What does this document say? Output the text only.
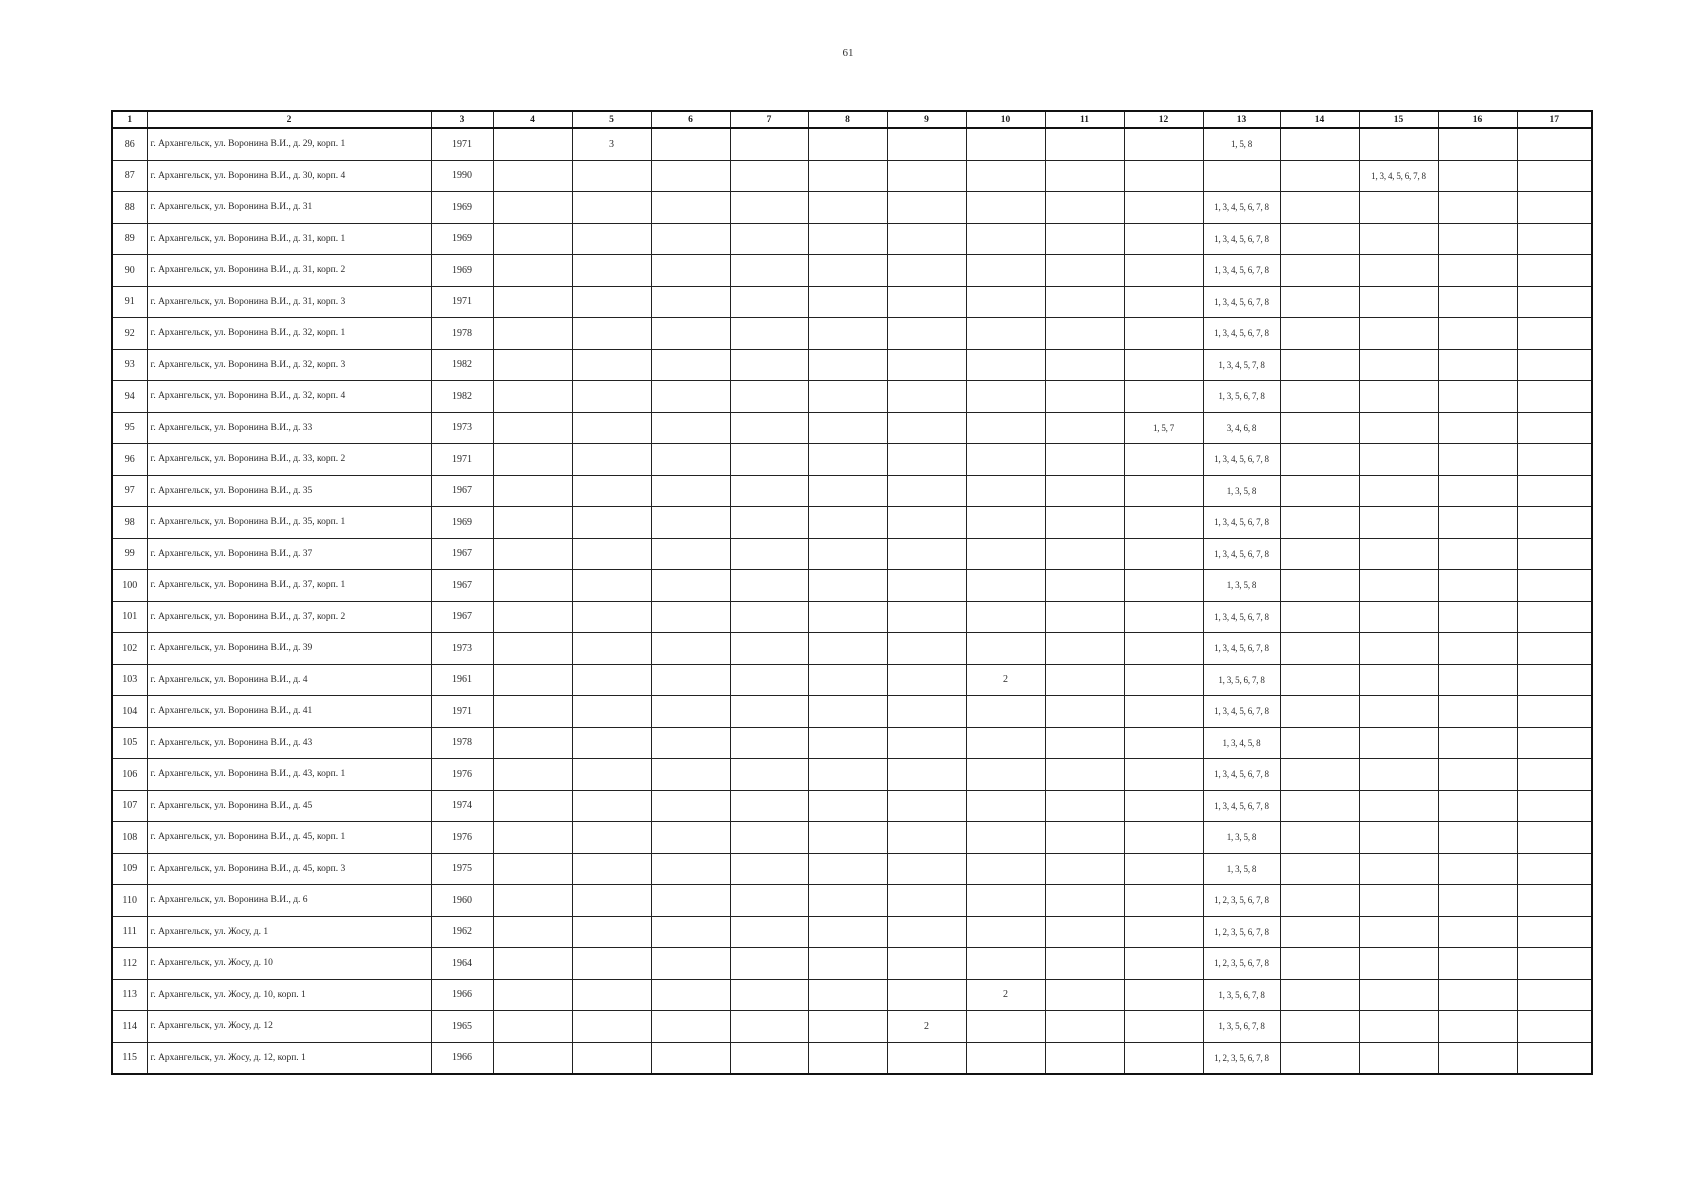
61
1	2	3	4	5	6	7	8	9	10	11	12	13	14	15	16	17
86	г. Архангельск, ул. Воронина В.И., д. 29, корп. 1	1971		3								1, 5, 8				
87	г. Архангельск, ул. Воронина В.И., д. 30, корп. 4	1990												1, 3, 4, 5, 6, 7, 8		
88	г. Архангельск, ул. Воронина В.И., д. 31	1969										1, 3, 4, 5, 6, 7, 8				
89	г. Архангельск, ул. Воронина В.И., д. 31, корп. 1	1969										1, 3, 4, 5, 6, 7, 8				
90	г. Архангельск, ул. Воронина В.И., д. 31, корп. 2	1969										1, 3, 4, 5, 6, 7, 8				
91	г. Архангельск, ул. Воронина В.И., д. 31, корп. 3	1971										1, 3, 4, 5, 6, 7, 8				
92	г. Архангельск, ул. Воронина В.И., д. 32, корп. 1	1978										1, 3, 4, 5, 6, 7, 8				
93	г. Архангельск, ул. Воронина В.И., д. 32, корп. 3	1982										1, 3, 4, 5, 7, 8				
94	г. Архангельск, ул. Воронина В.И., д. 32, корп. 4	1982										1, 3, 5, 6, 7, 8				
95	г. Архангельск, ул. Воронина В.И., д. 33	1973									1, 5, 7	3, 4, 6, 8				
96	г. Архангельск, ул. Воронина В.И., д. 33, корп. 2	1971										1, 3, 4, 5, 6, 7, 8				
97	г. Архангельск, ул. Воронина В.И., д. 35	1967										1, 3, 5, 8				
98	г. Архангельск, ул. Воронина В.И., д. 35, корп. 1	1969										1, 3, 4, 5, 6, 7, 8				
99	г. Архангельск, ул. Воронина В.И., д. 37	1967										1, 3, 4, 5, 6, 7, 8				
100	г. Архангельск, ул. Воронина В.И., д. 37, корп. 1	1967										1, 3, 5, 8				
101	г. Архангельск, ул. Воронина В.И., д. 37, корп. 2	1967										1, 3, 4, 5, 6, 7, 8				
102	г. Архангельск, ул. Воронина В.И., д. 39	1973										1, 3, 4, 5, 6, 7, 8				
103	г. Архангельск, ул. Воронина В.И., д. 4	1961							2			1, 3, 5, 6, 7, 8				
104	г. Архангельск, ул. Воронина В.И., д. 41	1971										1, 3, 4, 5, 6, 7, 8				
105	г. Архангельск, ул. Воронина В.И., д. 43	1978										1, 3, 4, 5, 8				
106	г. Архангельск, ул. Воронина В.И., д. 43, корп. 1	1976										1, 3, 4, 5, 6, 7, 8				
107	г. Архангельск, ул. Воронина В.И., д. 45	1974										1, 3, 4, 5, 6, 7, 8				
108	г. Архангельск, ул. Воронина В.И., д. 45, корп. 1	1976										1, 3, 5, 8				
109	г. Архангельск, ул. Воронина В.И., д. 45, корп. 3	1975										1, 3, 5, 8				
110	г. Архангельск, ул. Воронина В.И., д. 6	1960										1, 2, 3, 5, 6, 7, 8				
111	г. Архангельск, ул. Жосу, д. 1	1962										1, 2, 3, 5, 6, 7, 8				
112	г. Архангельск, ул. Жосу, д. 10	1964										1, 2, 3, 5, 6, 7, 8				
113	г. Архангельск, ул. Жосу, д. 10, корп. 1	1966							2			1, 3, 5, 6, 7, 8				
114	г. Архангельск, ул. Жосу, д. 12	1965						2				1, 3, 5, 6, 7, 8				
115	г. Архангельск, ул. Жосу, д. 12, корп. 1	1966										1, 2, 3, 5, 6, 7, 8				
